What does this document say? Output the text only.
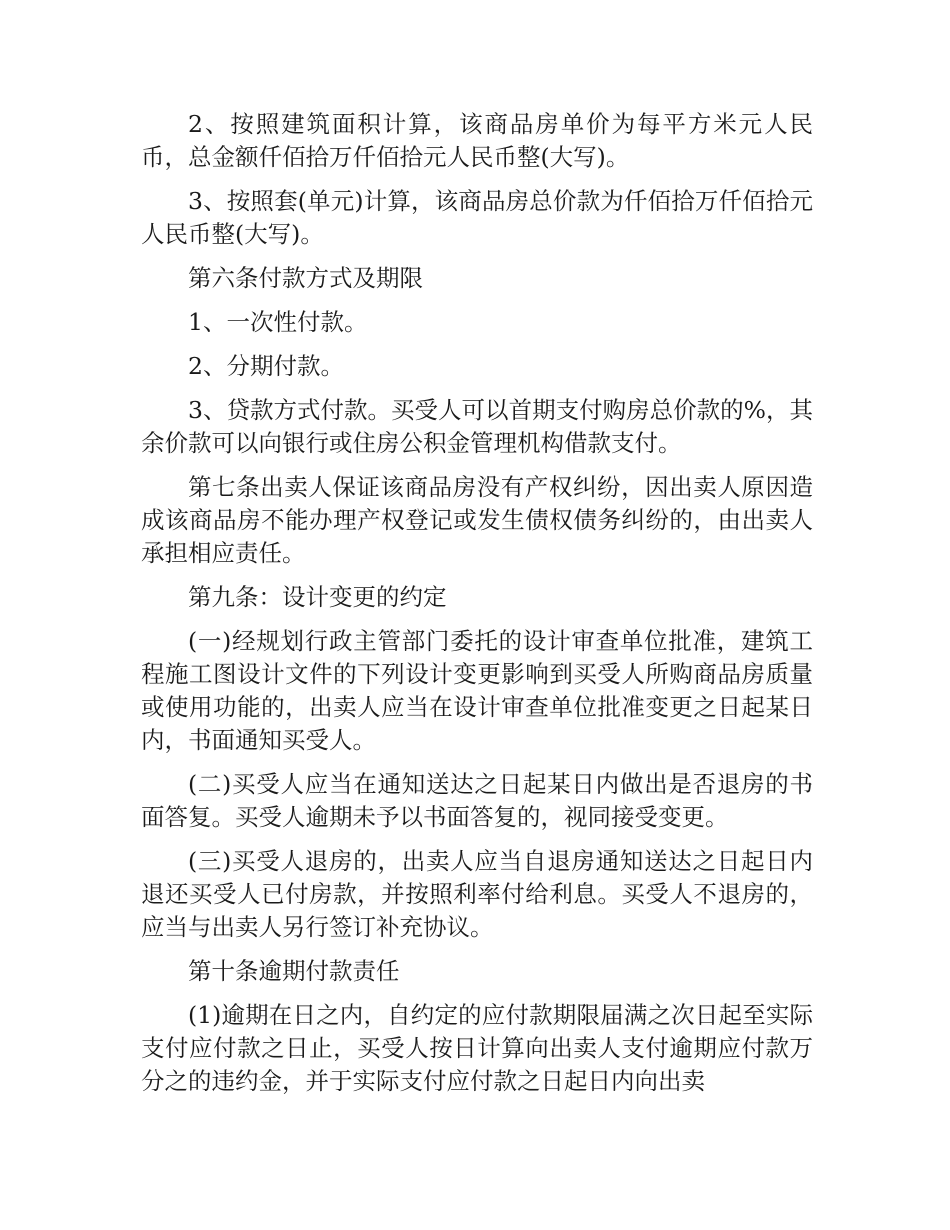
2、按照建筑面积计算，该商品房单价为每平方米元人民币，总金额仟佰拾万仟佰拾元人民币整(大写)。

3、按照套(单元)计算，该商品房总价款为仟佰拾万仟佰拾元人民币整(大写)。

第六条付款方式及期限

1、一次性付款。

2、分期付款。

3、贷款方式付款。买受人可以首期支付购房总价款的%，其余价款可以向银行或住房公积金管理机构借款支付。

第七条出卖人保证该商品房没有产权纠纷，因出卖人原因造成该商品房不能办理产权登记或发生债权债务纠纷的，由出卖人承担相应责任。

第九条：设计变更的约定

(一)经规划行政主管部门委托的设计审查单位批准，建筑工程施工图设计文件的下列设计变更影响到买受人所购商品房质量或使用功能的，出卖人应当在设计审查单位批准变更之日起某日内，书面通知买受人。

(二)买受人应当在通知送达之日起某日内做出是否退房的书面答复。买受人逾期未予以书面答复的，视同接受变更。

(三)买受人退房的，出卖人应当自退房通知送达之日起日内退还买受人已付房款，并按照利率付给利息。买受人不退房的，应当与出卖人另行签订补充协议。

第十条逾期付款责任

(1)逾期在日之内，自约定的应付款期限届满之次日起至实际支付应付款之日止，买受人按日计算向出卖人支付逾期应付款万分之的违约金，并于实际支付应付款之日起日内向出卖
